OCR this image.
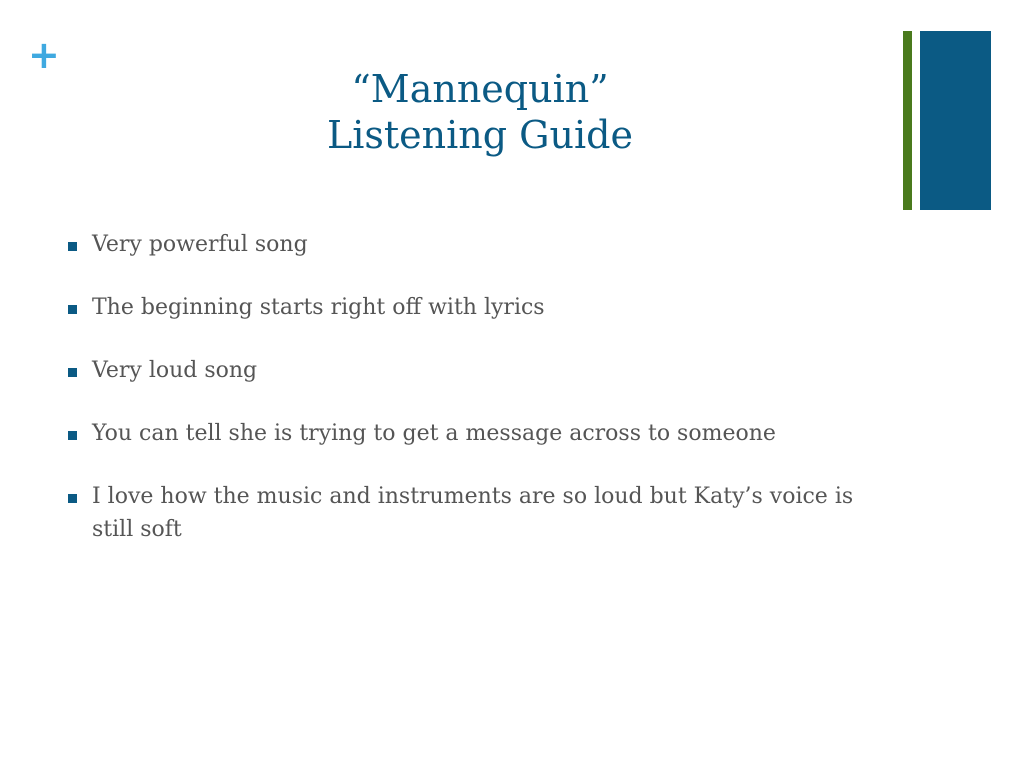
+
“Mannequin”
Listening Guide
Very powerful song
The beginning starts right off with lyrics
Very loud song
You can tell she is trying to get a message across to someone
I love how the music and instruments are so loud but Katy’s voice is still soft
